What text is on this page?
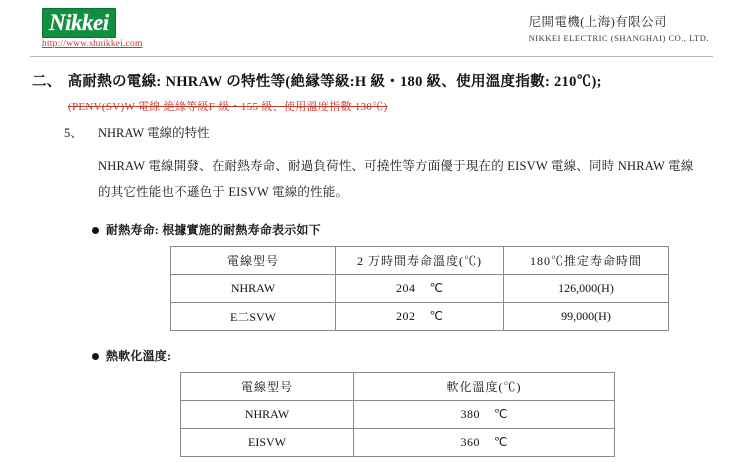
Nikkei
http://www.shnikkei.com
尼開電機(上海)有限公司
NIKKEI ELECTRIC (SHANGHAI) CO., LTD.
二、 高耐熱の電線: NHRAW の特性等(絶縁等級:H 級・180 級、使用溫度指數: 210℃);
(PENV(SV)W 電線 絶緣等級F 級・155 級、使用溫度指數 130℃)
5、 NHRAW 電線的特性
NHRAW 電線開發、在耐熱寿命、耐過負荷性、可撓性等方面優于現在的 EISVW 電線、同時 NHRAW 電線
的其它性能也不遜色于 EISVW 電線的性能。
耐熱寿命: 根據實施的耐熱寿命表示如下
電線型号	2 万時間寿命溫度(℃)	180℃推定寿命時間
NHRAW	204 ℃	126,000(H)
E二SVW	202 ℃	99,000(H)
熱軟化溫度:
電線型号	軟化溫度(℃)
NHRAW	380 ℃
EISVW	360 ℃
